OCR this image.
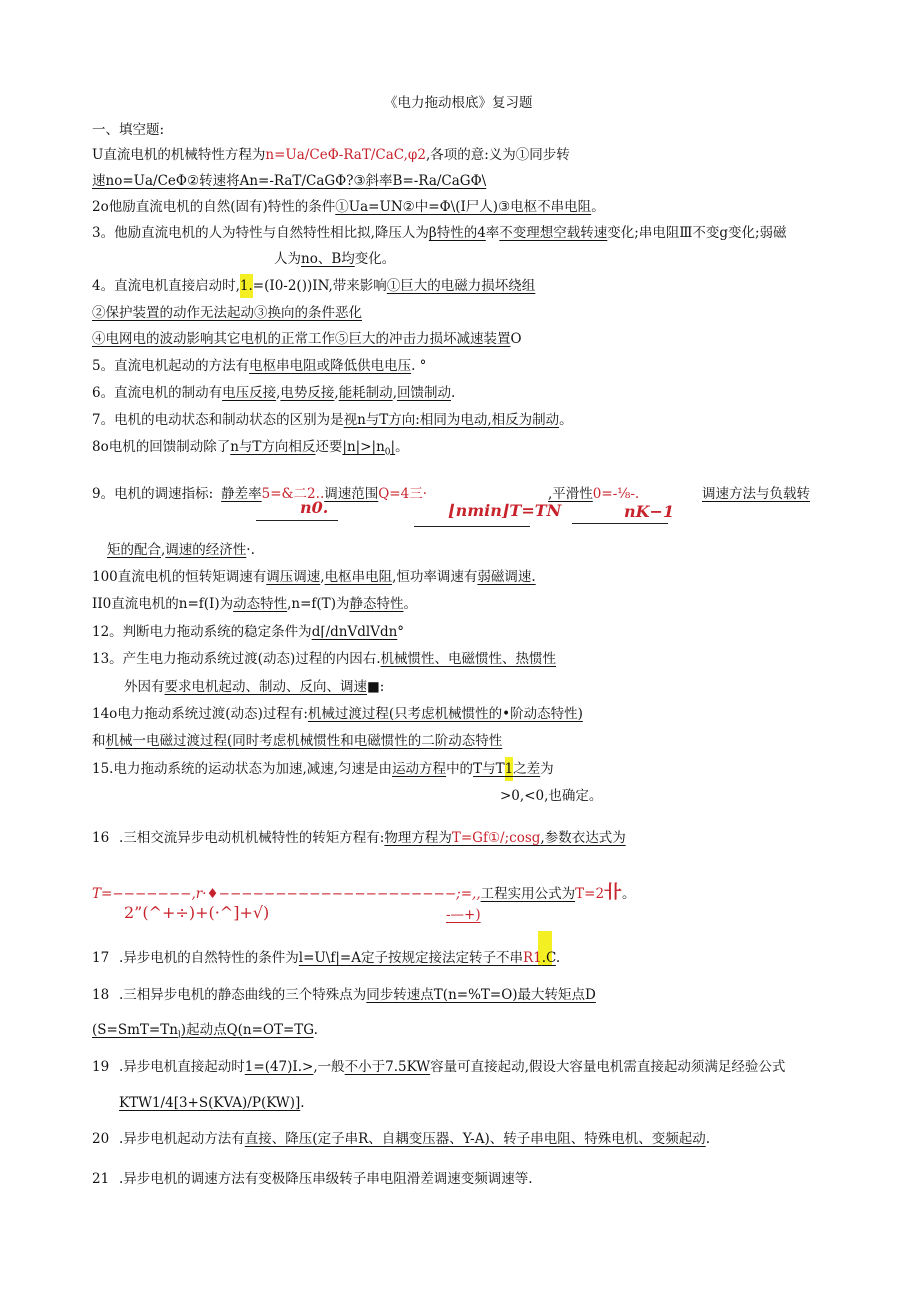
《电力拖动根底》复习题
一、填空题:
U直流电机的机械特性方程为n=Ua/CeΦ-RaT/CaC,φ2,各项的意:义为①同步转
速no=Ua/CeΦ②转速将An=-RaT/CaGΦ?③斜率B=-Ra/CaGΦ\
2o他励直流电机的自然(固有)特性的条件①Ua=UN②中=Φ\(I尸人)③电枢不串电阻。
3。他励直流电机的人为特性与自然特性相比拟,降压人为β特性的4率不变理想空载转速变化;串电阻Ⅲ不变g变化;弱磁
人为no、B均变化。
4。直流电机直接启动时,1.=(I0-2())IN,带来影响①巨大的电磁力损坏绕组
②保护装置的动作无法起动③换向的条件恶化
④电网电的波动影响其它电机的正常工作⑤巨大的冲击力损坏减速装置O
5。直流电机起动的方法有电枢串电阻或降低供电电压. °
6。直流电机的制动有电压反接,电势反接,能耗制动,回馈制动.
7。电机的电动状态和制动状态的区别为是视n与T方向:相同为电动,相反为制动。
8o电机的回馈制动除了n与T方向相反还要$|n|>|n_0|$。
9。电机的调速指标: 静差率5=&二2..调速范围Q=4三·	,平滑性0=-⅛-.	调速方法与负载转
n0.	⌊nmin⌋T=TN	nK−1
矩的配合,调速的经济性·.
100直流电机的恒转矩调速有调压调速,电枢串电阻,恒功率调速有弱磁调速.
II0直流电机的n=f(I)为动态特性,n=f(T)为静态特性。
12。判断电力拖动系统的稳定条件为d⌈/dnVdlVdn°
13。产生电力拖动系统过渡(动态)过程的内因右.机械惯性、电磁惯性、热惯性
外因有要求电机起动、制动、反向、调速■:
14o电力拖动系统过渡(动态)过程有:机械过渡过程(只考虑机械惯性的•阶动态特性)
和机械一电磁过渡过程(同时考虑机械惯性和电磁惯性的二阶动态特性
15.电力拖动系统的运动状态为加速,减速,匀速是由运动方程中的T与T1之差为
>0,<0,也确定。
16 .三相交流异步电动机机械特性的转矩方程有:物理方程为T=Gf①/;cosg,参数衣达式为
T=−−−−−−−,r·♦−−−−−−−−−−−−−−−−−−−−−;=,,工程实用公式为T=2卝。
2”(^+÷)+(·^]+√)	-—+)
17 .异步电机的自然特性的条件为l=U\f|=A定子按规定接法定转子不串R1.C.
18 .三相异步电机的静态曲线的三个特殊点为同步转速点T(n=%T=O)最大转矩点D
$(S=SmT=Tn_l)$起动点Q(n=OT=TG.
19 .异步电机直接起动时1=(47)I.>,一般不小于7.5KW容量可直接起动,假设大容量电机需直接起动须满足经验公式
KTW1/4[3+S(KVA)/P(KW)].
20 .异步电机起动方法有直接、降压(定子串R、自耦变压器、Y-A)、转子串电阻、特殊电机、变频起动.
21 .异步电机的调速方法有变极降压串级转子串电阻滑差调速变频调速等.
